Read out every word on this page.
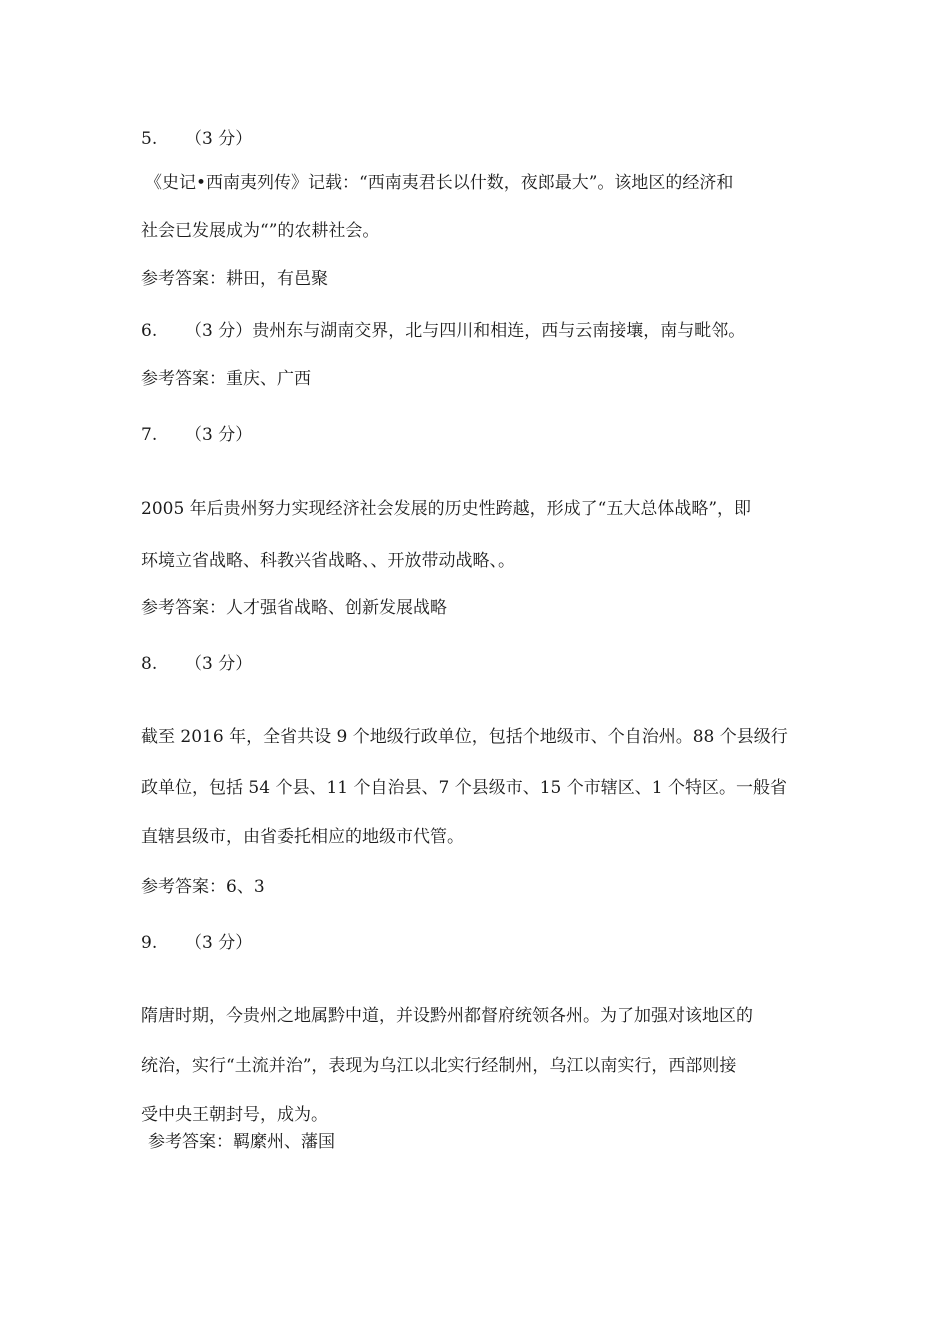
5. （3 分）
《史记•西南夷列传》记载：“西南夷君长以什数，夜郎最大”。该地区的经济和
社会已发展成为“”的农耕社会。
参考答案：耕田，有邑聚
6. （3 分）贵州东与湖南交界，北与四川和相连，西与云南接壤，南与毗邻。
参考答案：重庆、广西
7. （3 分）
2005 年后贵州努力实现经济社会发展的历史性跨越，形成了“五大总体战略”，即
环境立省战略、科教兴省战略、、开放带动战略、。
参考答案：人才强省战略、创新发展战略
8. （3 分）
截至 2016 年，全省共设 9 个地级行政单位，包括个地级市、个自治州。88 个县级行
政单位，包括 54 个县、11 个自治县、7 个县级市、15 个市辖区、1 个特区。一般省
直辖县级市，由省委托相应的地级市代管。
参考答案：6、3
9. （3 分）
隋唐时期，今贵州之地属黔中道，并设黔州都督府统领各州。为了加强对该地区的
统治，实行“土流并治”，表现为乌江以北实行经制州，乌江以南实行，西部则接
受中央王朝封号，成为。
参考答案：羁縻州、藩国
